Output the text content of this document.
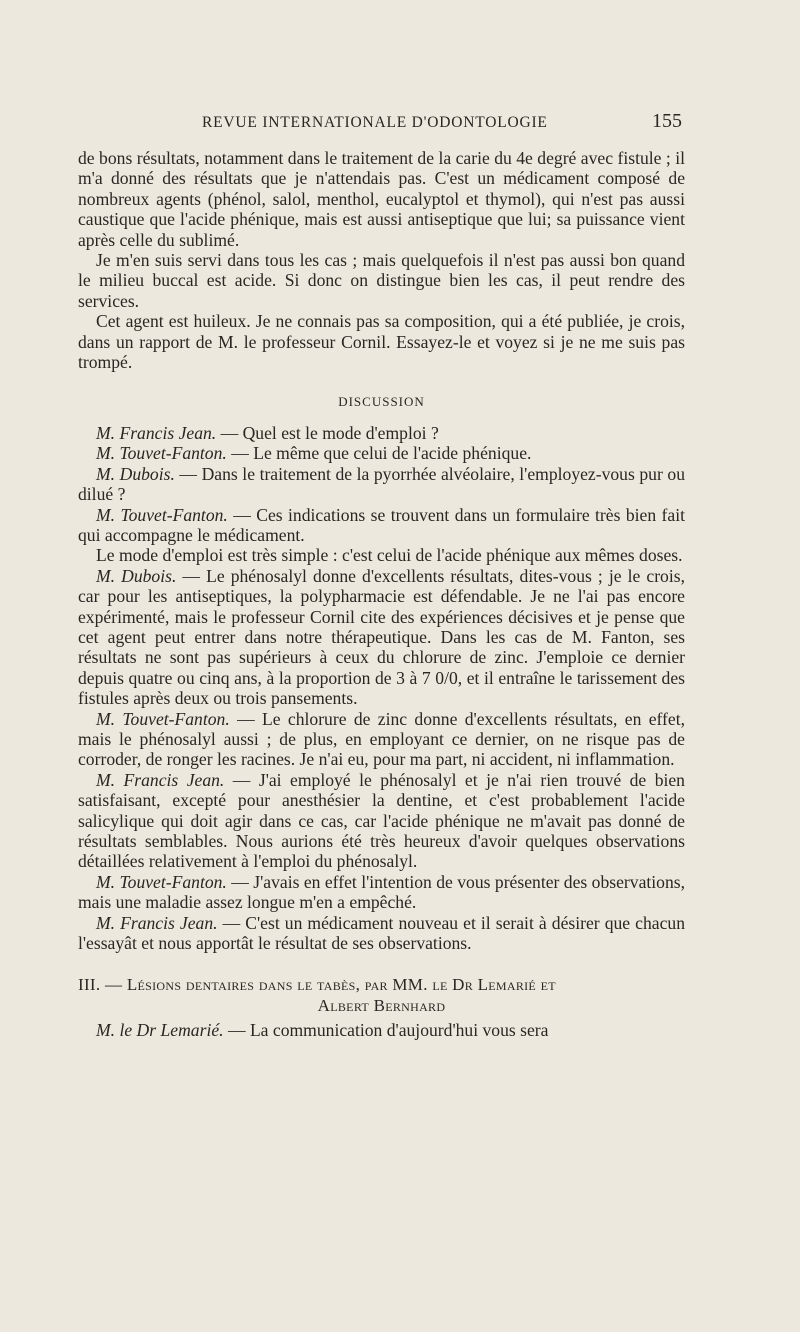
REVUE INTERNATIONALE D'ODONTOLOGIE	155

de bons résultats, notamment dans le traitement de la carie du 4e degré avec fistule ; il m'a donné des résultats que je n'attendais pas. C'est un médicament composé de nombreux agents (phénol, salol, menthol, eucalyptol et thymol), qui n'est pas aussi caustique que l'acide phénique, mais est aussi antiseptique que lui; sa puissance vient après celle du sublimé.

Je m'en suis servi dans tous les cas ; mais quelquefois il n'est pas aussi bon quand le milieu buccal est acide. Si donc on distingue bien les cas, il peut rendre des services.

Cet agent est huileux. Je ne connais pas sa composition, qui a été publiée, je crois, dans un rapport de M. le professeur Cornil. Essayez-le et voyez si je ne me suis pas trompé.

DISCUSSION

M. Francis Jean. — Quel est le mode d'emploi ?

M. Touvet-Fanton. — Le même que celui de l'acide phénique.

M. Dubois. — Dans le traitement de la pyorrhée alvéolaire, l'employez-vous pur ou dilué ?

M. Touvet-Fanton. — Ces indications se trouvent dans un formulaire très bien fait qui accompagne le médicament.

Le mode d'emploi est très simple : c'est celui de l'acide phénique aux mêmes doses.

M. Dubois. — Le phénosalyl donne d'excellents résultats, dites-vous ; je le crois, car pour les antiseptiques, la polypharmacie est défendable. Je ne l'ai pas encore expérimenté, mais le professeur Cornil cite des expériences décisives et je pense que cet agent peut entrer dans notre thérapeutique. Dans les cas de M. Fanton, ses résultats ne sont pas supérieurs à ceux du chlorure de zinc. J'emploie ce dernier depuis quatre ou cinq ans, à la proportion de 3 à 7 0/0, et il entraîne le tarissement des fistules après deux ou trois pansements.

M. Touvet-Fanton. — Le chlorure de zinc donne d'excellents résultats, en effet, mais le phénosalyl aussi ; de plus, en employant ce dernier, on ne risque pas de corroder, de ronger les racines. Je n'ai eu, pour ma part, ni accident, ni inflammation.

M. Francis Jean. — J'ai employé le phénosalyl et je n'ai rien trouvé de bien satisfaisant, excepté pour anesthésier la dentine, et c'est probablement l'acide salicylique qui doit agir dans ce cas, car l'acide phénique ne m'avait pas donné de résultats semblables. Nous aurions été très heureux d'avoir quelques observations détaillées relativement à l'emploi du phénosalyl.

M. Touvet-Fanton. — J'avais en effet l'intention de vous présenter des observations, mais une maladie assez longue m'en a empêché.

M. Francis Jean. — C'est un médicament nouveau et il serait à désirer que chacun l'essayât et nous apportât le résultat de ses observations.

III. — Lésions dentaires dans le tabès, par MM. le Dr Lemarié et
Albert Bernhard

M. le Dr Lemarié. — La communication d'aujourd'hui vous sera
